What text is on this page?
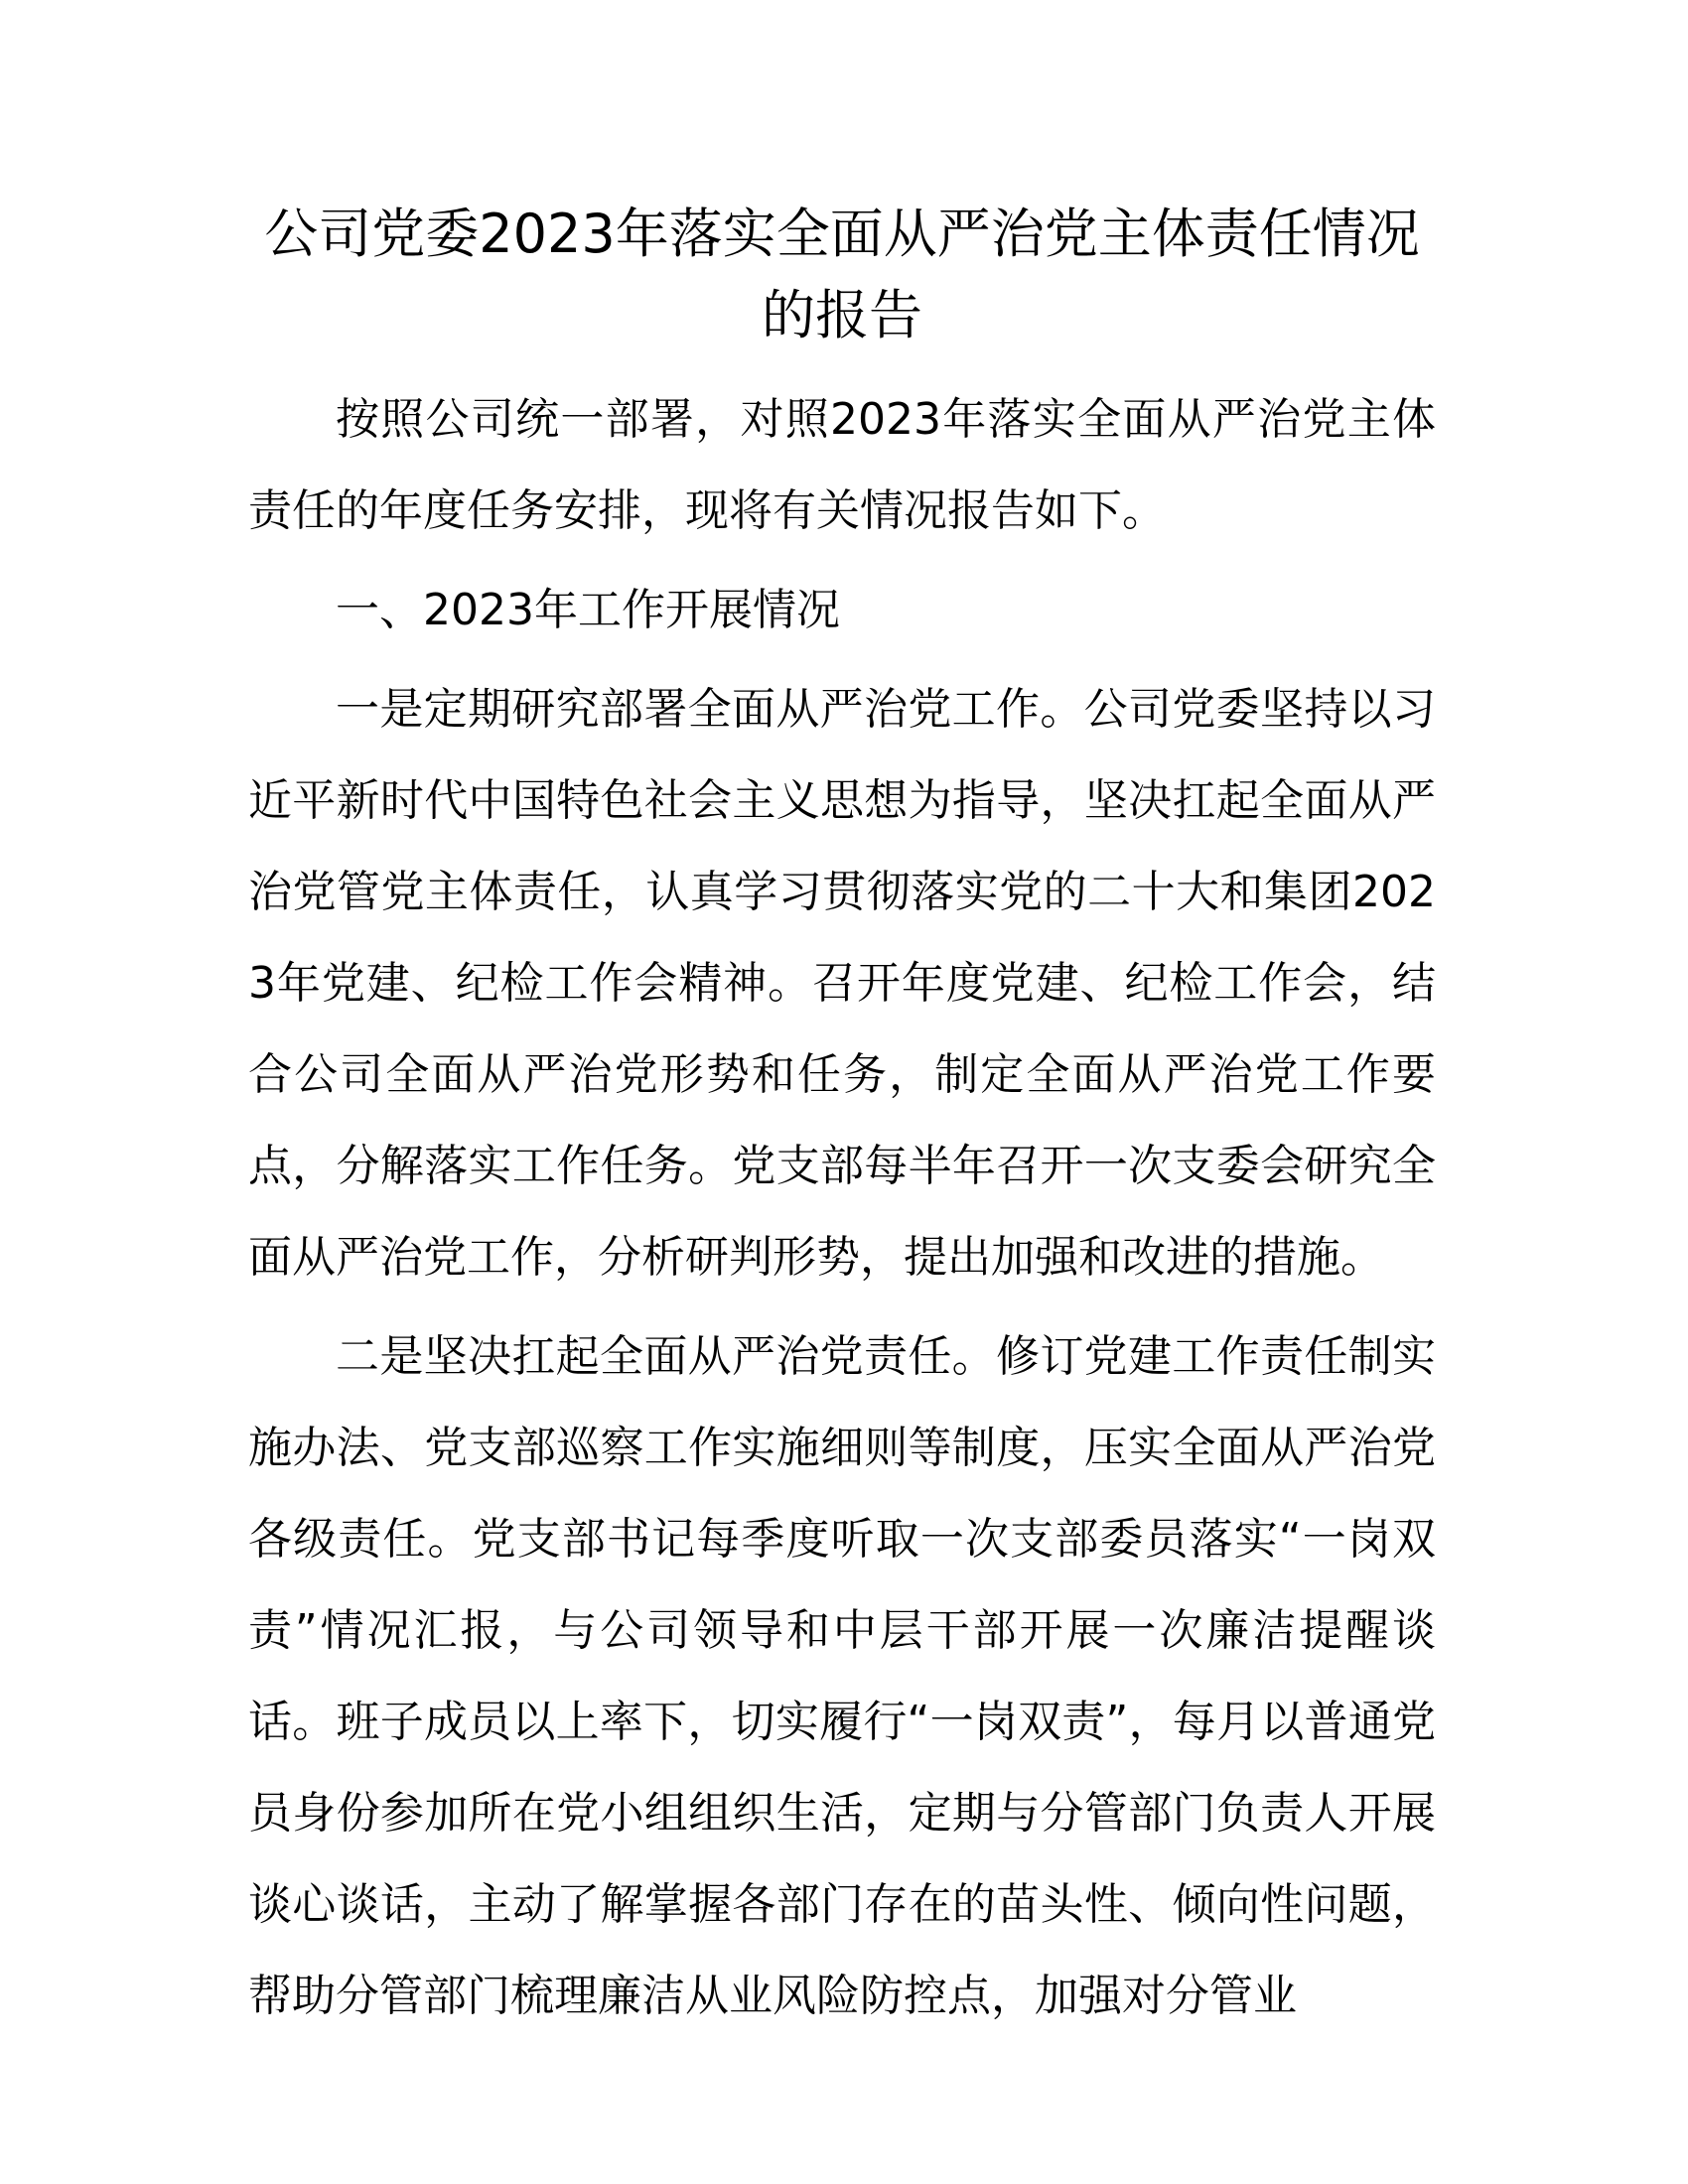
公司党委2023年落实全面从严治党主体责任情况的报告

按照公司统一部署，对照2023年落实全面从严治党主体责任的年度任务安排，现将有关情况报告如下。

一、2023年工作开展情况

一是定期研究部署全面从严治党工作。公司党委坚持以习近平新时代中国特色社会主义思想为指导，坚决扛起全面从严治党管党主体责任，认真学习贯彻落实党的二十大和集团2023年党建、纪检工作会精神。召开年度党建、纪检工作会，结合公司全面从严治党形势和任务，制定全面从严治党工作要点，分解落实工作任务。党支部每半年召开一次支委会研究全面从严治党工作，分析研判形势，提出加强和改进的措施。

二是坚决扛起全面从严治党责任。修订党建工作责任制实施办法、党支部巡察工作实施细则等制度，压实全面从严治党各级责任。党支部书记每季度听取一次支部委员落实“一岗双责”情况汇报，与公司领导和中层干部开展一次廉洁提醒谈话。班子成员以上率下，切实履行“一岗双责”，每月以普通党员身份参加所在党小组组织生活，定期与分管部门负责人开展谈心谈话，主动了解掌握各部门存在的苗头性、倾向性问题，帮助分管部门梳理廉洁从业风险防控点，加强对分管业
